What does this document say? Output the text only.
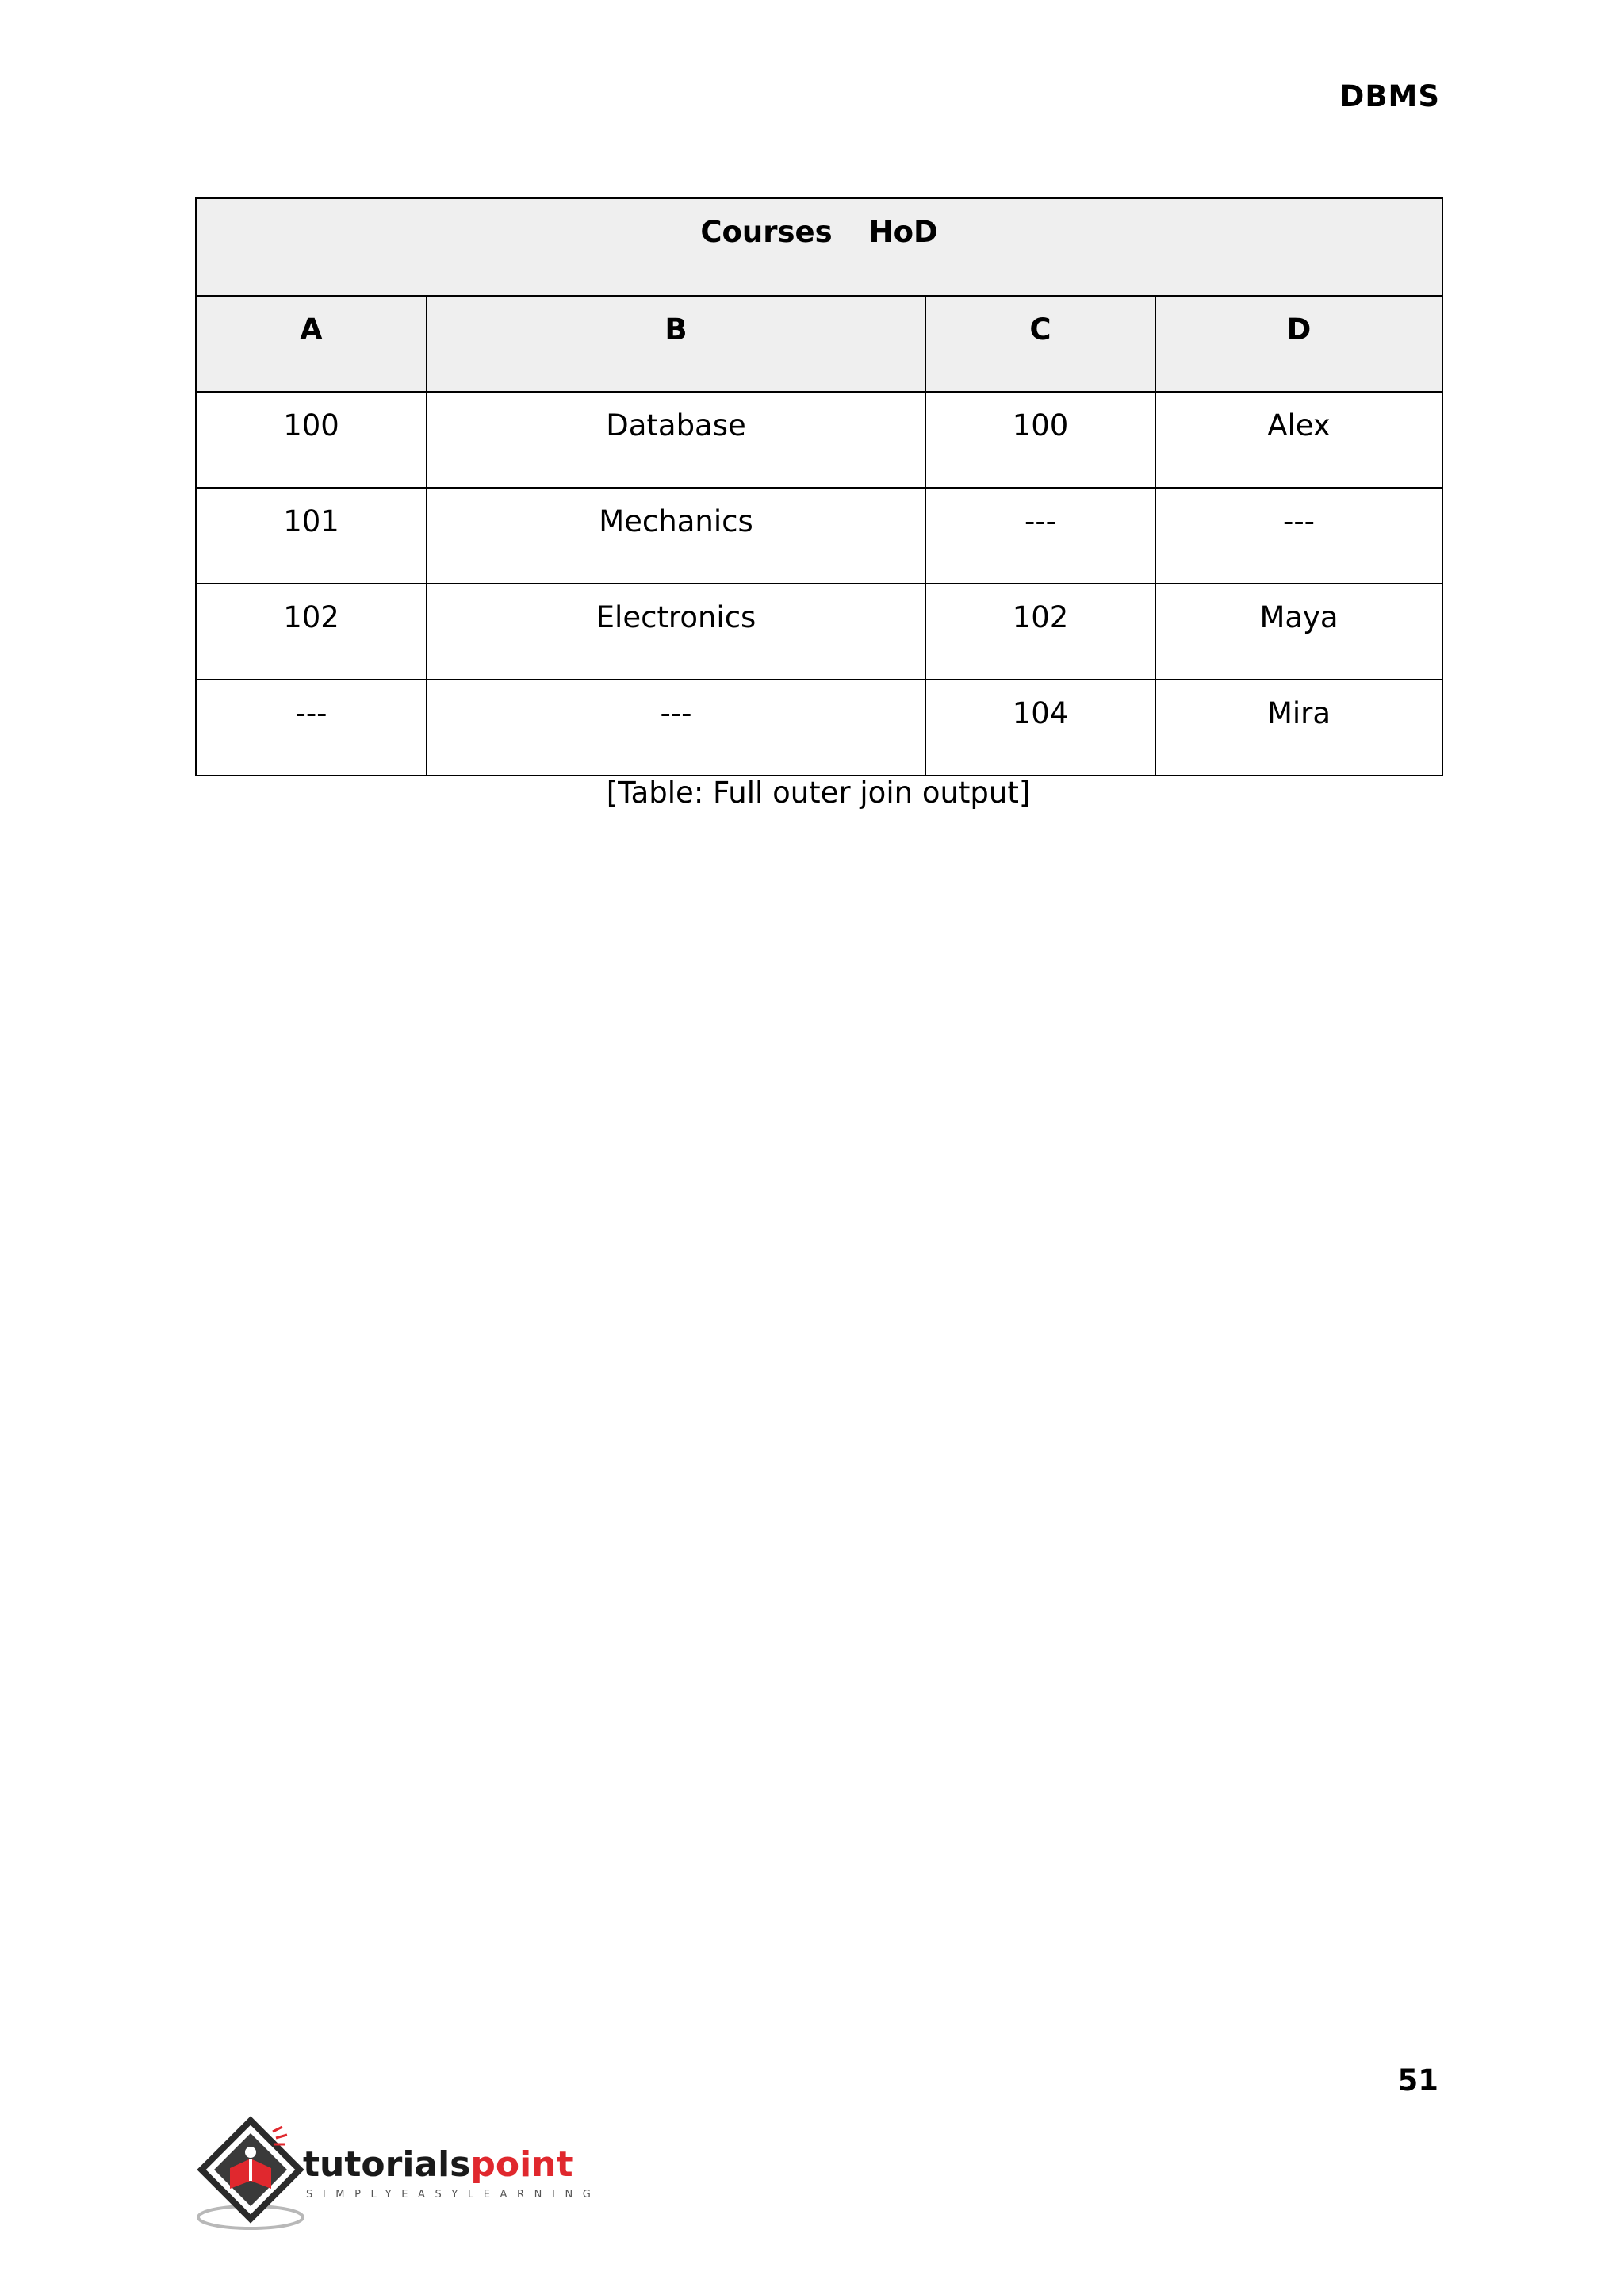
DBMS
Courses HoD			
A	B	C	D
100	Database	100	Alex
101	Mechanics	---	---
102	Electronics	102	Maya
---	---	104	Mira
[Table: Full outer join output]
51
tutorialspoint
SIMPLYEASYLEARNING
